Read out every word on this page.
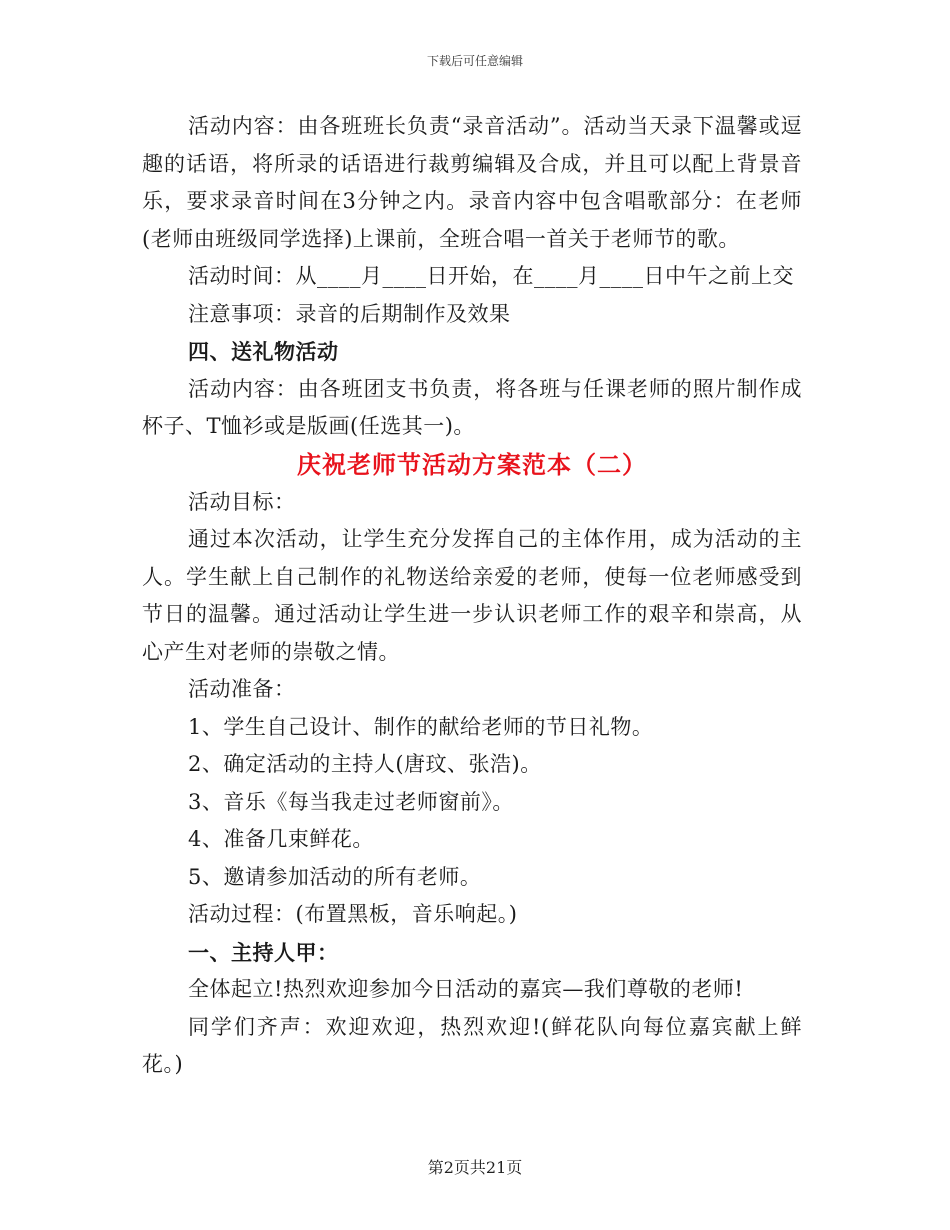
下载后可任意编辑

活动内容：由各班班长负责“录音活动”。活动当天录下温馨或逗趣的话语，将所录的话语进行裁剪编辑及合成，并且可以配上背景音乐，要求录音时间在3分钟之内。录音内容中包含唱歌部分：在老师(老师由班级同学选择)上课前，全班合唱一首关于老师节的歌。

活动时间：从____月____日开始，在____月____日中午之前上交

注意事项：录音的后期制作及效果

四、送礼物活动

活动内容：由各班团支书负责，将各班与任课老师的照片制作成杯子、T恤衫或是版画(任选其一)。

庆祝老师节活动方案范本（二）

活动目标：

通过本次活动，让学生充分发挥自己的主体作用，成为活动的主人。学生献上自己制作的礼物送给亲爱的老师，使每一位老师感受到节日的温馨。通过活动让学生进一步认识老师工作的艰辛和崇高，从心产生对老师的崇敬之情。

活动准备：

1、学生自己设计、制作的献给老师的节日礼物。

2、确定活动的主持人(唐玟、张浩)。

3、音乐《每当我走过老师窗前》。

4、准备几束鲜花。

5、邀请参加活动的所有老师。

活动过程：(布置黑板，音乐响起。)

一、主持人甲：

全体起立!热烈欢迎参加今日活动的嘉宾—我们尊敬的老师!

同学们齐声：欢迎欢迎，热烈欢迎!(鲜花队向每位嘉宾献上鲜花。)

第2页共21页
